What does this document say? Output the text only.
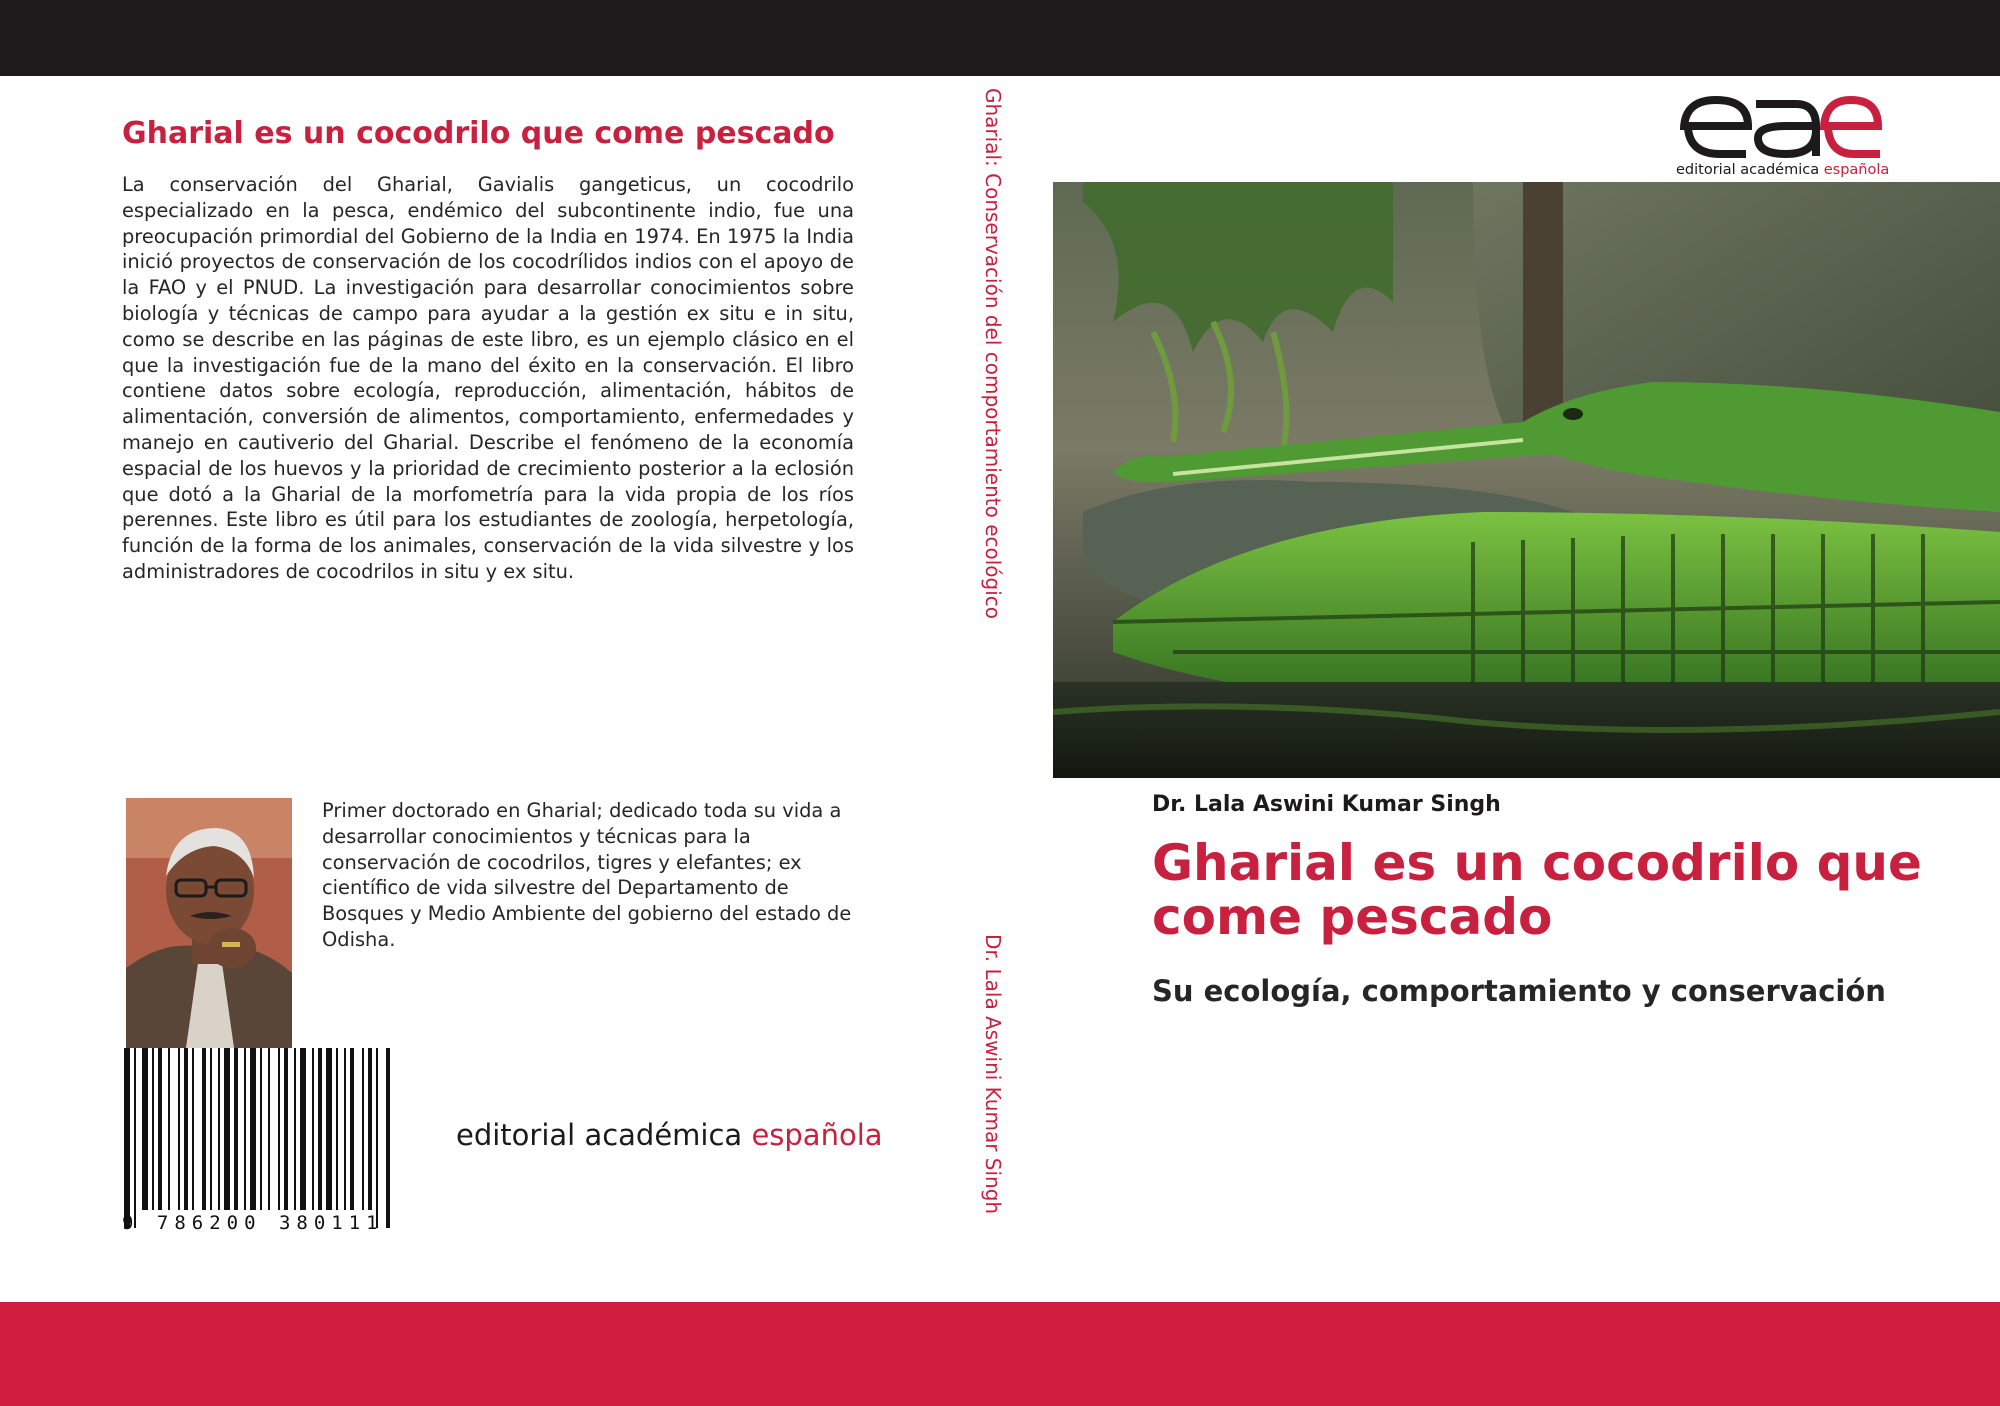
Gharial es un cocodrilo que come pescado

La conservación del Gharial, Gavialis gangeticus, un cocodrilo especializado en la pesca, endémico del subcontinente indio, fue una preocupación primordial del Gobierno de la India en 1974. En 1975 la India inició proyectos de conservación de los cocodrílidos indios con el apoyo de la FAO y el PNUD. La investigación para desarrollar conocimientos sobre biología y técnicas de campo para ayudar a la gestión ex situ e in situ, como se describe en las páginas de este libro, es un ejemplo clásico en el que la investigación fue de la mano del éxito en la conservación. El libro contiene datos sobre ecología, reproducción, alimentación, hábitos de alimentación, conversión de alimentos, comportamiento, enfermedades y manejo en cautiverio del Gharial. Describe el fenómeno de la economía espacial de los huevos y la prioridad de crecimiento posterior a la eclosión que dotó a la Gharial de la morfometría para la vida propia de los ríos perennes. Este libro es útil para los estudiantes de zoología, herpetología, función de la forma de los animales, conservación de la vida silvestre y los administradores de cocodrilos in situ y ex situ.

Primer doctorado en Gharial; dedicado toda su vida a desarrollar conocimientos y técnicas para la conservación de cocodrilos, tigres y elefantes; ex científico de vida silvestre del Departamento de Bosques y Medio Ambiente del gobierno del estado de Odisha.

9 786200 380111
editorial académica española
Gharial: Conservación del comportamiento ecológico
Dr. Lala Aswini Kumar Singh
editorial académica española
Dr. Lala Aswini Kumar Singh
Gharial es un cocodrilo que come pescado

Su ecología, comportamiento y conservación
